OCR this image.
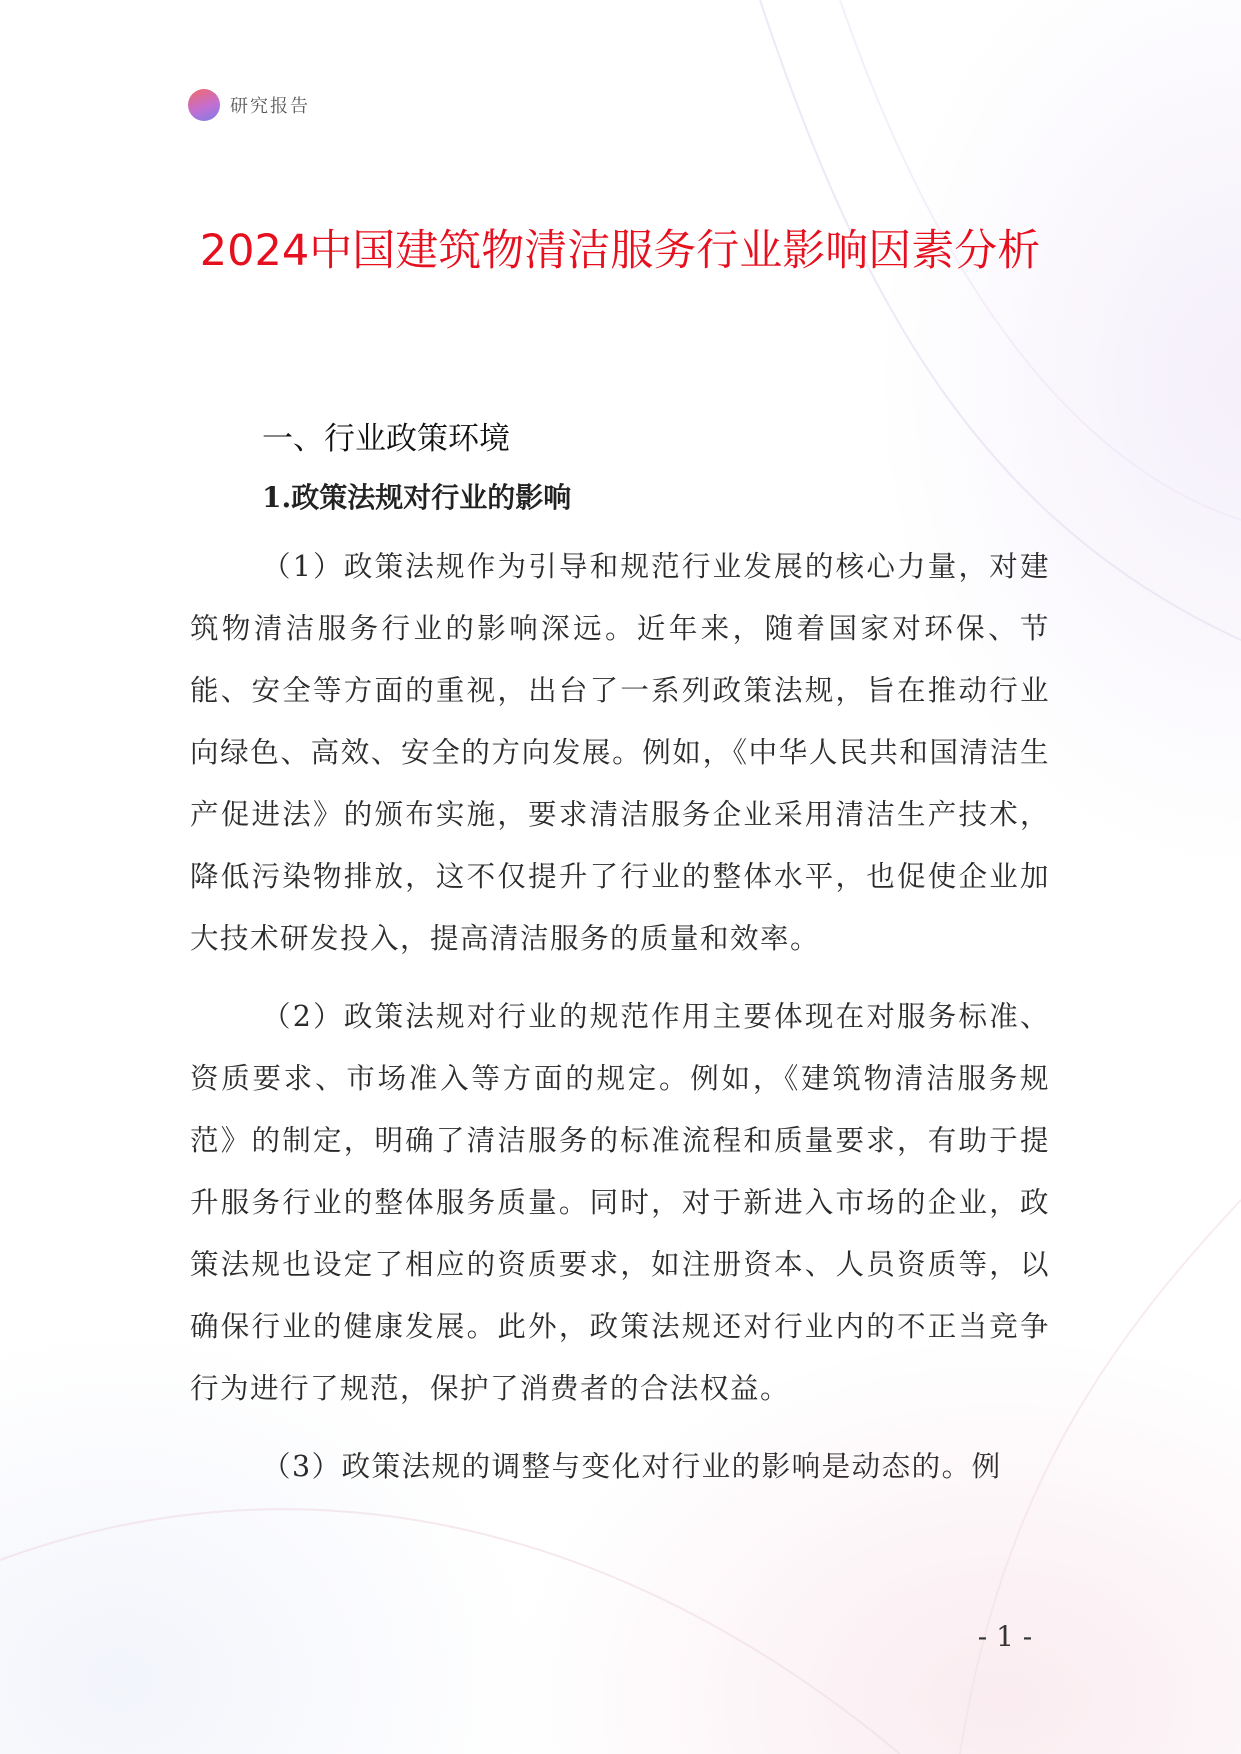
研究报告
2024中国建筑物清洁服务行业影响因素分析
一、行业政策环境
1.政策法规对行业的影响

（1）政策法规作为引导和规范行业发展的核心力量，对建筑物清洁服务行业的影响深远。近年来，随着国家对环保、节能、安全等方面的重视，出台了一系列政策法规，旨在推动行业向绿色、高效、安全的方向发展。例如，《中华人民共和国清洁生产促进法》的颁布实施，要求清洁服务企业采用清洁生产技术，降低污染物排放，这不仅提升了行业的整体水平，也促使企业加大技术研发投入，提高清洁服务的质量和效率。

（2）政策法规对行业的规范作用主要体现在对服务标准、资质要求、市场准入等方面的规定。例如，《建筑物清洁服务规范》的制定，明确了清洁服务的标准流程和质量要求，有助于提升服务行业的整体服务质量。同时，对于新进入市场的企业，政策法规也设定了相应的资质要求，如注册资本、人员资质等，以确保行业的健康发展。此外，政策法规还对行业内的不正当竞争行为进行了规范，保护了消费者的合法权益。

（3）政策法规的调整与变化对行业的影响是动态的。例

- 1 -
